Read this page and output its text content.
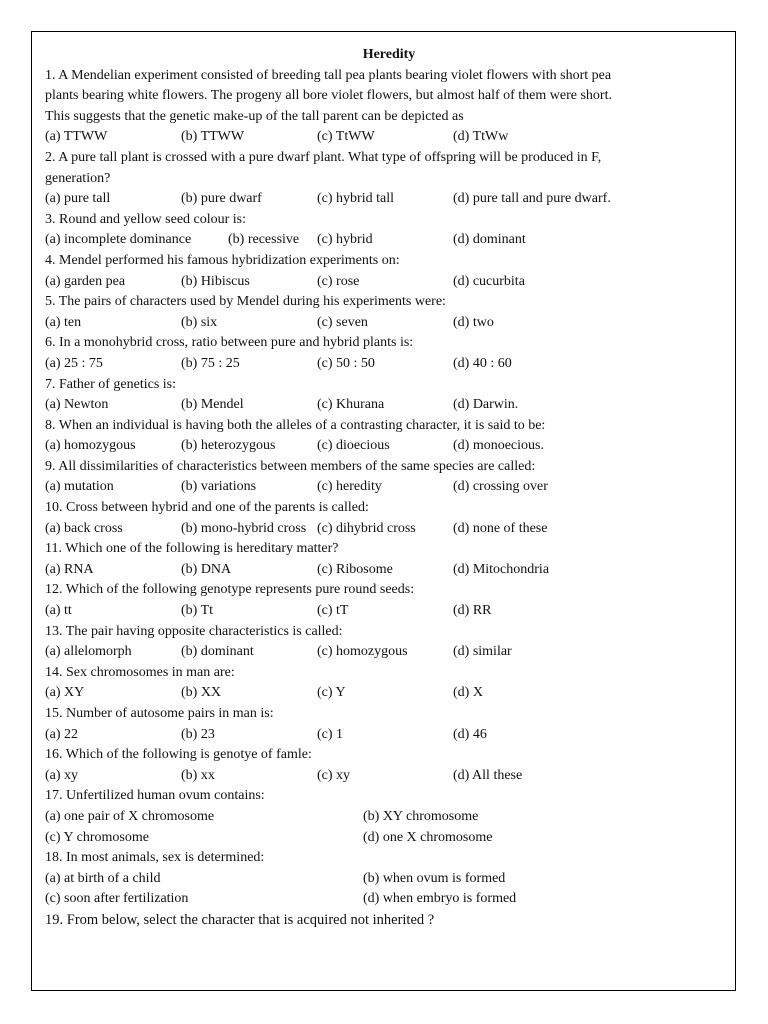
Heredity
1. A Mendelian experiment consisted of breeding tall pea plants bearing violet flowers with short pea
plants bearing white flowers. The progeny all bore violet flowers, but almost half of them were short.
This suggests that the genetic make-up of the tall parent can be depicted as
(a) TTWW	(b) TTWW	(c) TtWW	(d) TtWw
2. A pure tall plant is crossed with a pure dwarf plant. What type of offspring will be produced in F,
generation?
(a) pure tall	(b) pure dwarf	(c) hybrid tall	(d) pure tall and pure dwarf.
3. Round and yellow seed colour is:
(a) incomplete dominance	(b) recessive (c) hybrid	(d) dominant
4. Mendel performed his famous hybridization experiments on:
(a) garden pea	(b) Hibiscus	(c) rose	(d) cucurbita
5. The pairs of characters used by Mendel during his experiments were:
(a) ten	(b) six	(c) seven	(d) two
6. In a monohybrid cross, ratio between pure and hybrid plants is:
(a) 25 : 75	(b) 75 : 25	(c) 50 : 50	(d) 40 : 60
7. Father of genetics is:
(a) Newton	(b) Mendel	(c) Khurana	(d) Darwin.
8. When an individual is having both the alleles of a contrasting character, it is said to be:
(a) homozygous	(b) heterozygous	(c) dioecious	(d) monoecious.
9. All dissimilarities of characteristics between members of the same species are called:
(a) mutation	(b) variations	(c) heredity	(d) crossing over
10. Cross between hybrid and one of the parents is called:
(a) back cross	(b) mono-hybrid cross (c) dihybrid cross	(d) none of these
11. Which one of the following is hereditary matter?
(a) RNA	(b) DNA	(c) Ribosome	(d) Mitochondria
12. Which of the following genotype represents pure round seeds:
(a) tt	(b) Tt	(c) tT	(d) RR
13. The pair having opposite characteristics is called:
(a) allelomorph	(b) dominant	(c) homozygous	(d) similar
14. Sex chromosomes in man are:
(a) XY	(b) XX	(c) Y	(d) X
15. Number of autosome pairs in man is:
(a) 22	(b) 23	(c) 1	(d) 46
16. Which of the following is genotye of famle:
(a) xy	(b) xx	(c) xy	(d) All these
17. Unfertilized human ovum contains:
(a) one pair of X chromosome	(b) XY chromosome
(c) Y chromosome	(d) one X chromosome
18. In most animals, sex is determined:
(a) at birth of a child	(b) when ovum is formed
(c) soon after fertilization	(d) when embryo is formed
19. From below, select the character that is acquired not inherited ?
